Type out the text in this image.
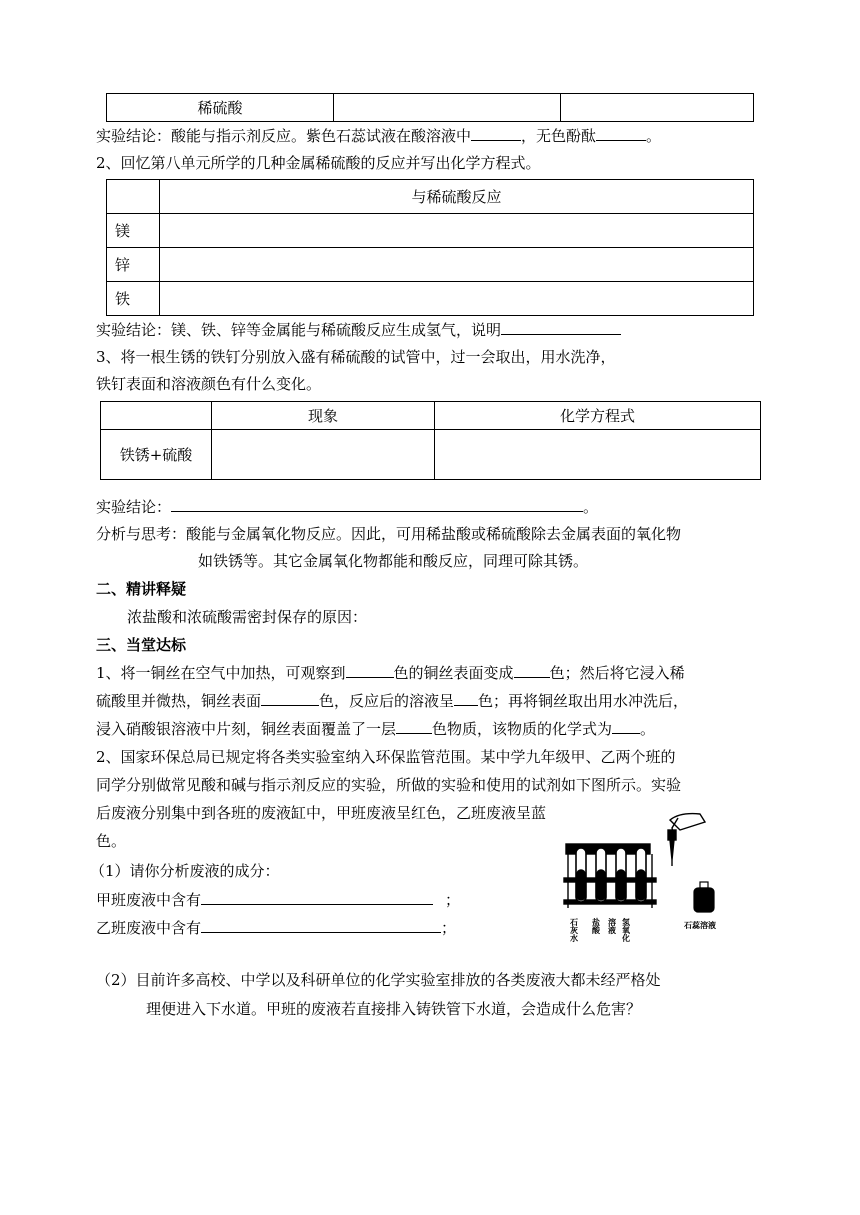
稀硫酸		
实验结论：酸能与指示剂反应。紫色石蕊试液在酸溶液中	，无色酚酞	。
2、回忆第八单元所学的几种金属稀硫酸的反应并写出化学方程式。
	与稀硫酸反应
镁	
锌	
铁	
实验结论：镁、铁、锌等金属能与稀硫酸反应生成氢气，说明
3、将一根生锈的铁钉分别放入盛有稀硫酸的试管中，过一会取出，用水洗净，
铁钉表面和溶液颜色有什么变化。
	现象	化学方程式
铁锈+硫酸		
实验结论：	。
分析与思考：酸能与金属氧化物反应。因此，可用稀盐酸或稀硫酸除去金属表面的氧化物
如铁锈等。其它金属氧化物都能和酸反应，同理可除其锈。
二、精讲释疑
浓盐酸和浓硫酸需密封保存的原因：
三、当堂达标
1、将一铜丝在空气中加热，可观察到	色的铜丝表面变成 色；然后将它浸入稀
硫酸里并微热，铜丝表面	色，反应后的溶液呈 色；再将铜丝取出用水冲洗后，
浸入硝酸银溶液中片刻，铜丝表面覆盖了一层 色物质，该物质的化学式为 。
2、国家环保总局已规定将各类实验室纳入环保监管范围。某中学九年级甲、乙两个班的
同学分别做常见酸和碱与指示剂反应的实验，所做的实验和使用的试剂如下图所示。实验
后废液分别集中到各班的废液缸中，甲班废液呈红色，乙班废液呈蓝
色。
（1）请你分析废液的成分：
甲班废液中含有	；
乙班废液中含有	；	石灰水 盐酸 溶液 氢氧化	石蕊溶液
（2）目前许多高校、中学以及科研单位的化学实验室排放的各类废液大都未经严格处
理便进入下水道。甲班的废液若直接排入铸铁管下水道，会造成什么危害？
